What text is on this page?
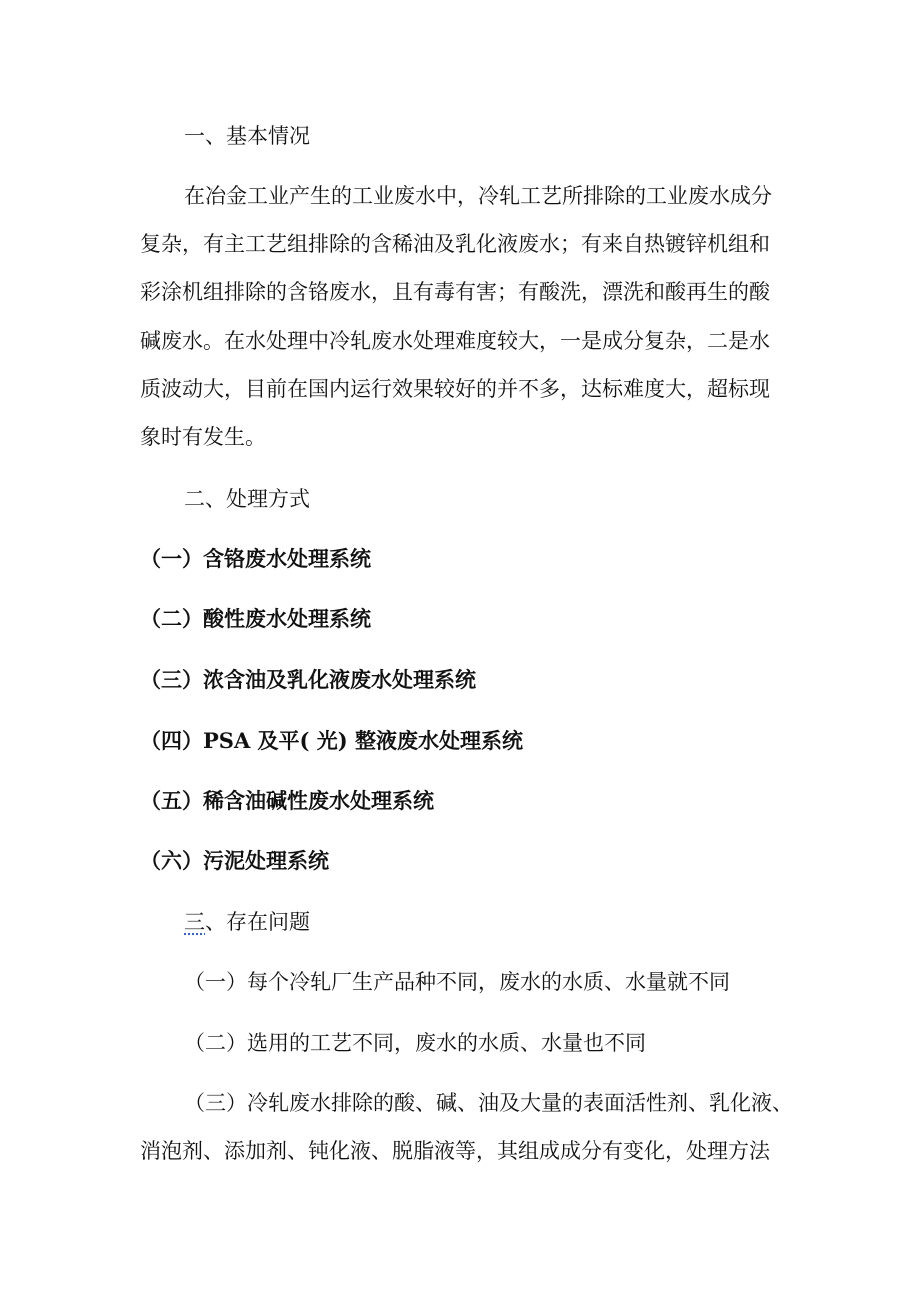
一、基本情况
在冶金工业产生的工业废水中，冷轧工艺所排除的工业废水成分
复杂，有主工艺组排除的含稀油及乳化液废水；有来自热镀锌机组和
彩涂机组排除的含铬废水，且有毒有害；有酸洗，漂洗和酸再生的酸
碱废水。在水处理中冷轧废水处理难度较大，一是成分复杂，二是水
质波动大，目前在国内运行效果较好的并不多，达标难度大，超标现
象时有发生。
二、处理方式
（一）含铬废水处理系统
（二）酸性废水处理系统
（三）浓含油及乳化液废水处理系统
（四）PSA 及平( 光) 整液废水处理系统
（五）稀含油碱性废水处理系统
（六）污泥处理系统
三、存在问题
（一）每个冷轧厂生产品种不同，废水的水质、水量就不同
（二）选用的工艺不同，废水的水质、水量也不同
（三）冷轧废水排除的酸、碱、油及大量的表面活性剂、乳化液、
消泡剂、添加剂、钝化液、脱脂液等，其组成成分有变化，处理方法
